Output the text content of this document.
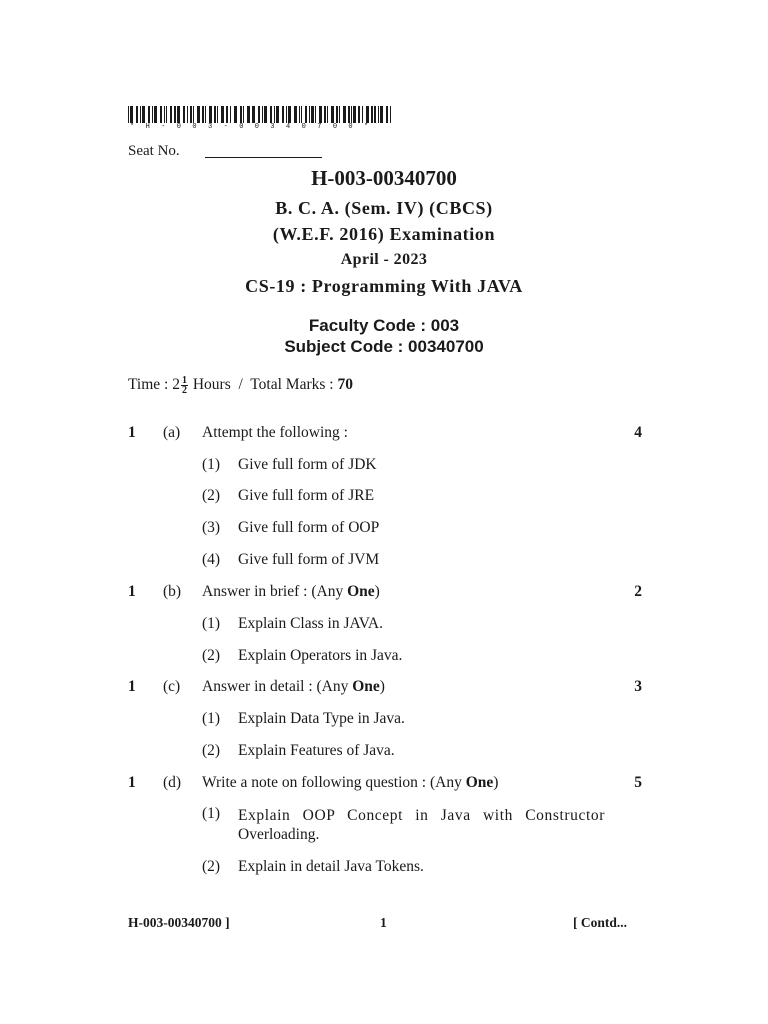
* H - 0 0 3 - 0 0 3 4 0 7 0 0 *
Seat No.
H-003-00340700
B. C. A. (Sem. IV) (CBCS)
(W.E.F. 2016) Examination
April - 2023
CS-19 : Programming With JAVA
Faculty Code : 003
Subject Code : 00340700
Time : $2 \frac{1}{2}$ Hours / Total Marks : 70
1 (a) Attempt the following :	4
(1) Give full form of JDK
(2) Give full form of JRE
(3) Give full form of OOP
(4) Give full form of JVM
1 (b) Answer in brief : (Any One)	2
(1) Explain Class in JAVA.
(2) Explain Operators in Java.
1 (c) Answer in detail : (Any One)	3
(1) Explain Data Type in Java.
(2) Explain Features of Java.
1 (d) Write a note on following question : (Any One)	5
(1) Explain OOP Concept in Java with Constructor
Overloading.
(2) Explain in detail Java Tokens.
H-003-00340700 ]	1	[ Contd...
